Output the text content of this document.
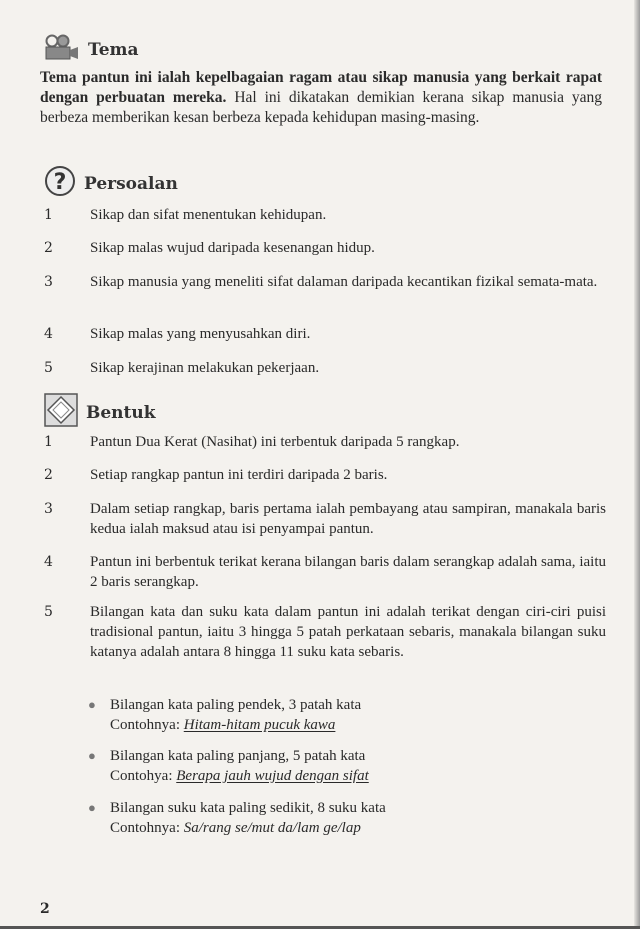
Tema
Tema pantun ini ialah kepelbagaian ragam atau sikap manusia yang berkait rapat dengan perbuatan mereka. Hal ini dikatakan demikian kerana sikap manusia yang berbeza memberikan kesan berbeza kepada kehidupan masing-masing.
? Persoalan
1	Sikap dan sifat menentukan kehidupan.
2	Sikap malas wujud daripada kesenangan hidup.
3	Sikap manusia yang meneliti sifat dalaman daripada kecantikan fizikal semata-mata.
4	Sikap malas yang menyusahkan diri.
5	Sikap kerajinan melakukan pekerjaan.
Bentuk
1	Pantun Dua Kerat (Nasihat) ini terbentuk daripada 5 rangkap.
2	Setiap rangkap pantun ini terdiri daripada 2 baris.
3	Dalam setiap rangkap, baris pertama ialah pembayang atau sampiran, manakala baris kedua ialah maksud atau isi penyampai pantun.
4	Pantun ini berbentuk terikat kerana bilangan baris dalam serangkap adalah sama, iaitu 2 baris serangkap.
5	Bilangan kata dan suku kata dalam pantun ini adalah terikat dengan ciri-ciri puisi tradisional pantun, iaitu 3 hingga 5 patah perkataan sebaris, manakala bilangan suku katanya adalah antara 8 hingga 11 suku kata sebaris.
● Bilangan kata paling pendek, 3 patah kata
Contohnya: Hitam-hitam pucuk kawa
● Bilangan kata paling panjang, 5 patah kata
Contohya: Berapa jauh wujud dengan sifat
● Bilangan suku kata paling sedikit, 8 suku kata
Contohnya: Sa/rang se/mut da/lam ge/lap
2
